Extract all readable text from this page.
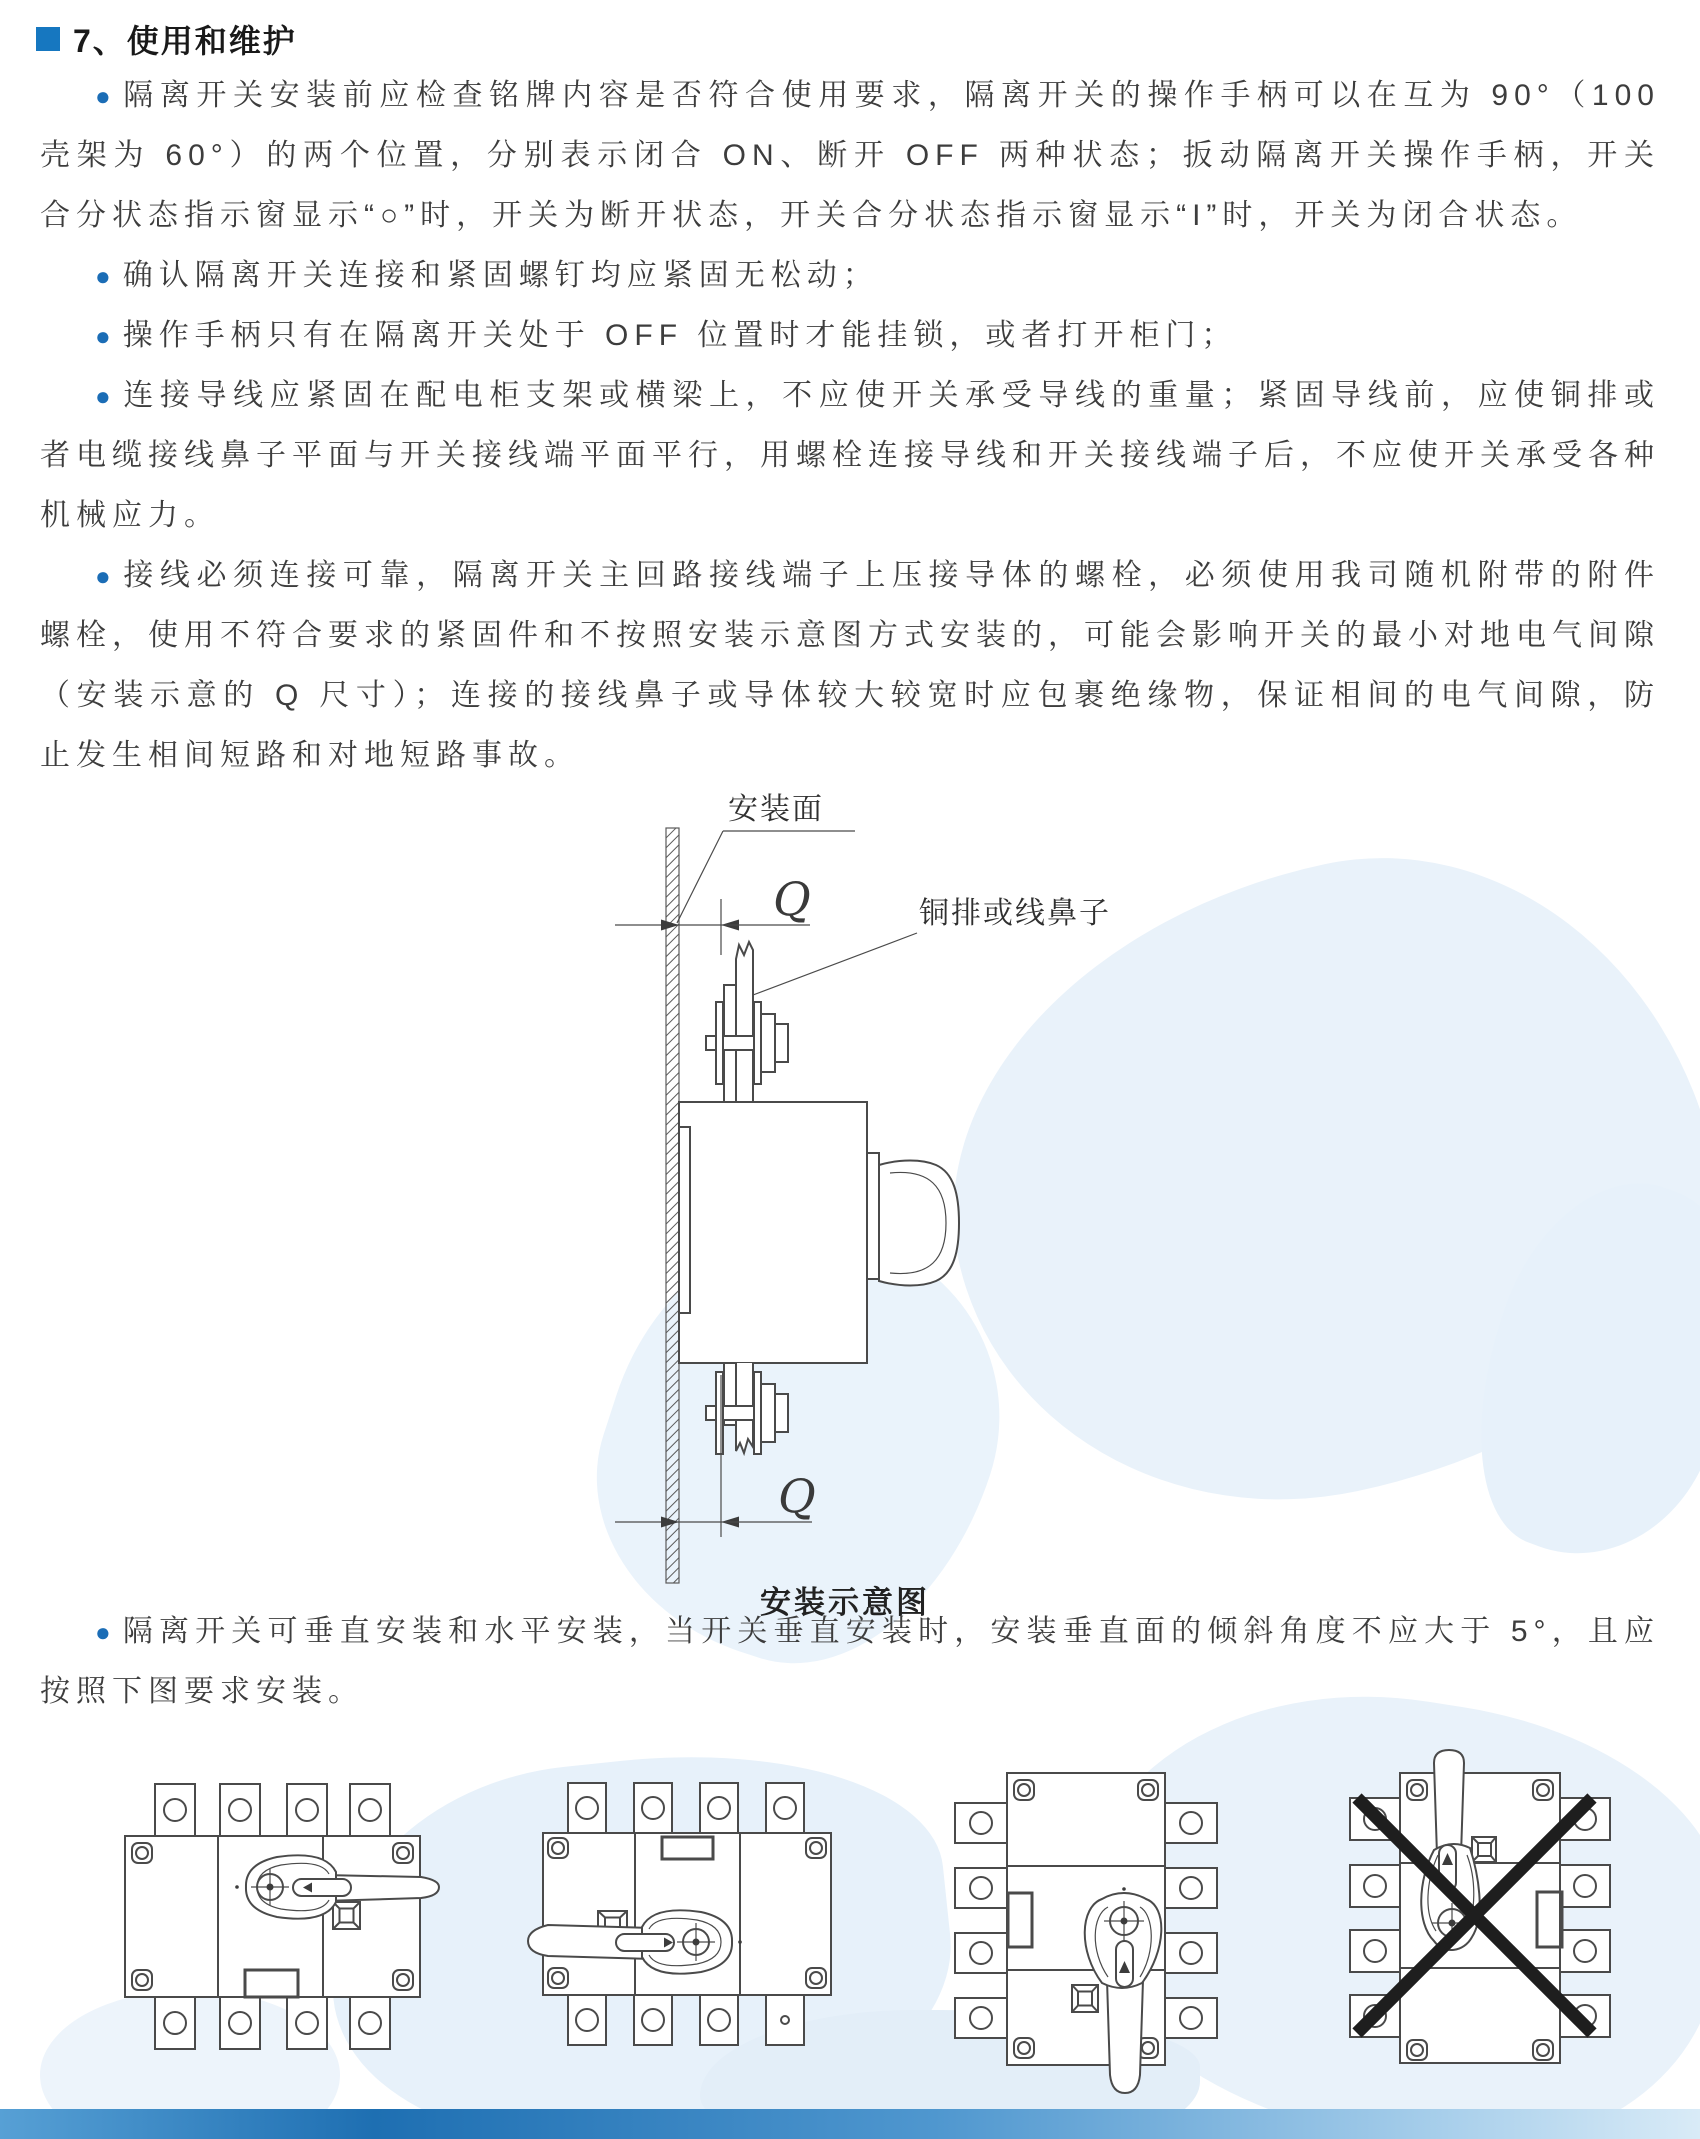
7、使用和维护

● 隔离开关安装前应检查铭牌内容是否符合使用要求，隔离开关的操作手柄可以在互为 90°（100 壳架为 60°）的两个位置，分别表示闭合 ON、断开 OFF 两种状态；扳动隔离开关操作手柄，开关合分状态指示窗显示“○”时，开关为断开状态，开关合分状态指示窗显示“I”时，开关为闭合状态。

● 确认隔离开关连接和紧固螺钉均应紧固无松动；

● 操作手柄只有在隔离开关处于 OFF 位置时才能挂锁，或者打开柜门；

● 连接导线应紧固在配电柜支架或横梁上，不应使开关承受导线的重量；紧固导线前，应使铜排或者电缆接线鼻子平面与开关接线端平面平行，用螺栓连接导线和开关接线端子后，不应使开关承受各种机械应力。

● 接线必须连接可靠，隔离开关主回路接线端子上压接导体的螺栓，必须使用我司随机附带的附件螺栓，使用不符合要求的紧固件和不按照安装示意图方式安装的，可能会影响开关的最小对地电气间隙（安装示意的 Q 尺寸）；连接的接线鼻子或导体较大较宽时应包裹绝缘物，保证相间的电气间隙，防止发生相间短路和对地短路事故。

安装面
Q	铜排或线鼻子
Q
安装示意图

● 隔离开关可垂直安装和水平安装，当开关垂直安装时，安装垂直面的倾斜角度不应大于 5°，且应按照下图要求安装。
